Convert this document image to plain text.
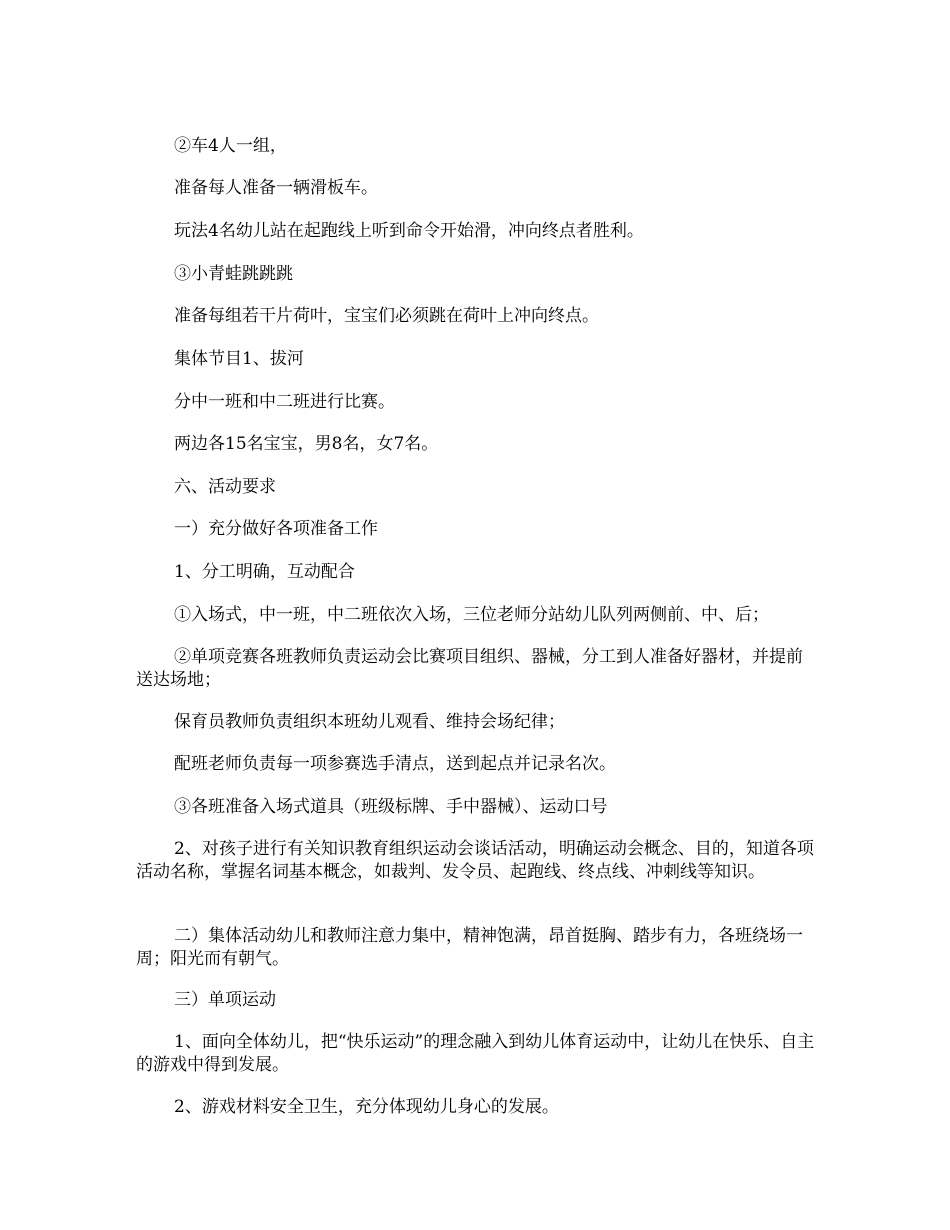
②车4人一组，

准备每人准备一辆滑板车。

玩法4名幼儿站在起跑线上听到命令开始滑，冲向终点者胜利。

③小青蛙跳跳跳

准备每组若干片荷叶，宝宝们必须跳在荷叶上冲向终点。

集体节目1、拔河

分中一班和中二班进行比赛。

两边各15名宝宝，男8名，女7名。

六、活动要求

一）充分做好各项准备工作

1、分工明确，互动配合

①入场式，中一班，中二班依次入场，三位老师分站幼儿队列两侧前、中、后；

②单项竞赛各班教师负责运动会比赛项目组织、器械，分工到人准备好器材，并提前送达场地；

保育员教师负责组织本班幼儿观看、维持会场纪律；

配班老师负责每一项参赛选手清点，送到起点并记录名次。

③各班准备入场式道具（班级标牌、手中器械）、运动口号

2、对孩子进行有关知识教育组织运动会谈话活动，明确运动会概念、目的，知道各项活动名称，掌握名词基本概念，如裁判、发令员、起跑线、终点线、冲刺线等知识。

二）集体活动幼儿和教师注意力集中，精神饱满，昂首挺胸、踏步有力，各班绕场一周；阳光而有朝气。

三）单项运动

1、面向全体幼儿，把“快乐运动”的理念融入到幼儿体育运动中，让幼儿在快乐、自主的游戏中得到发展。

2、游戏材料安全卫生，充分体现幼儿身心的发展。
